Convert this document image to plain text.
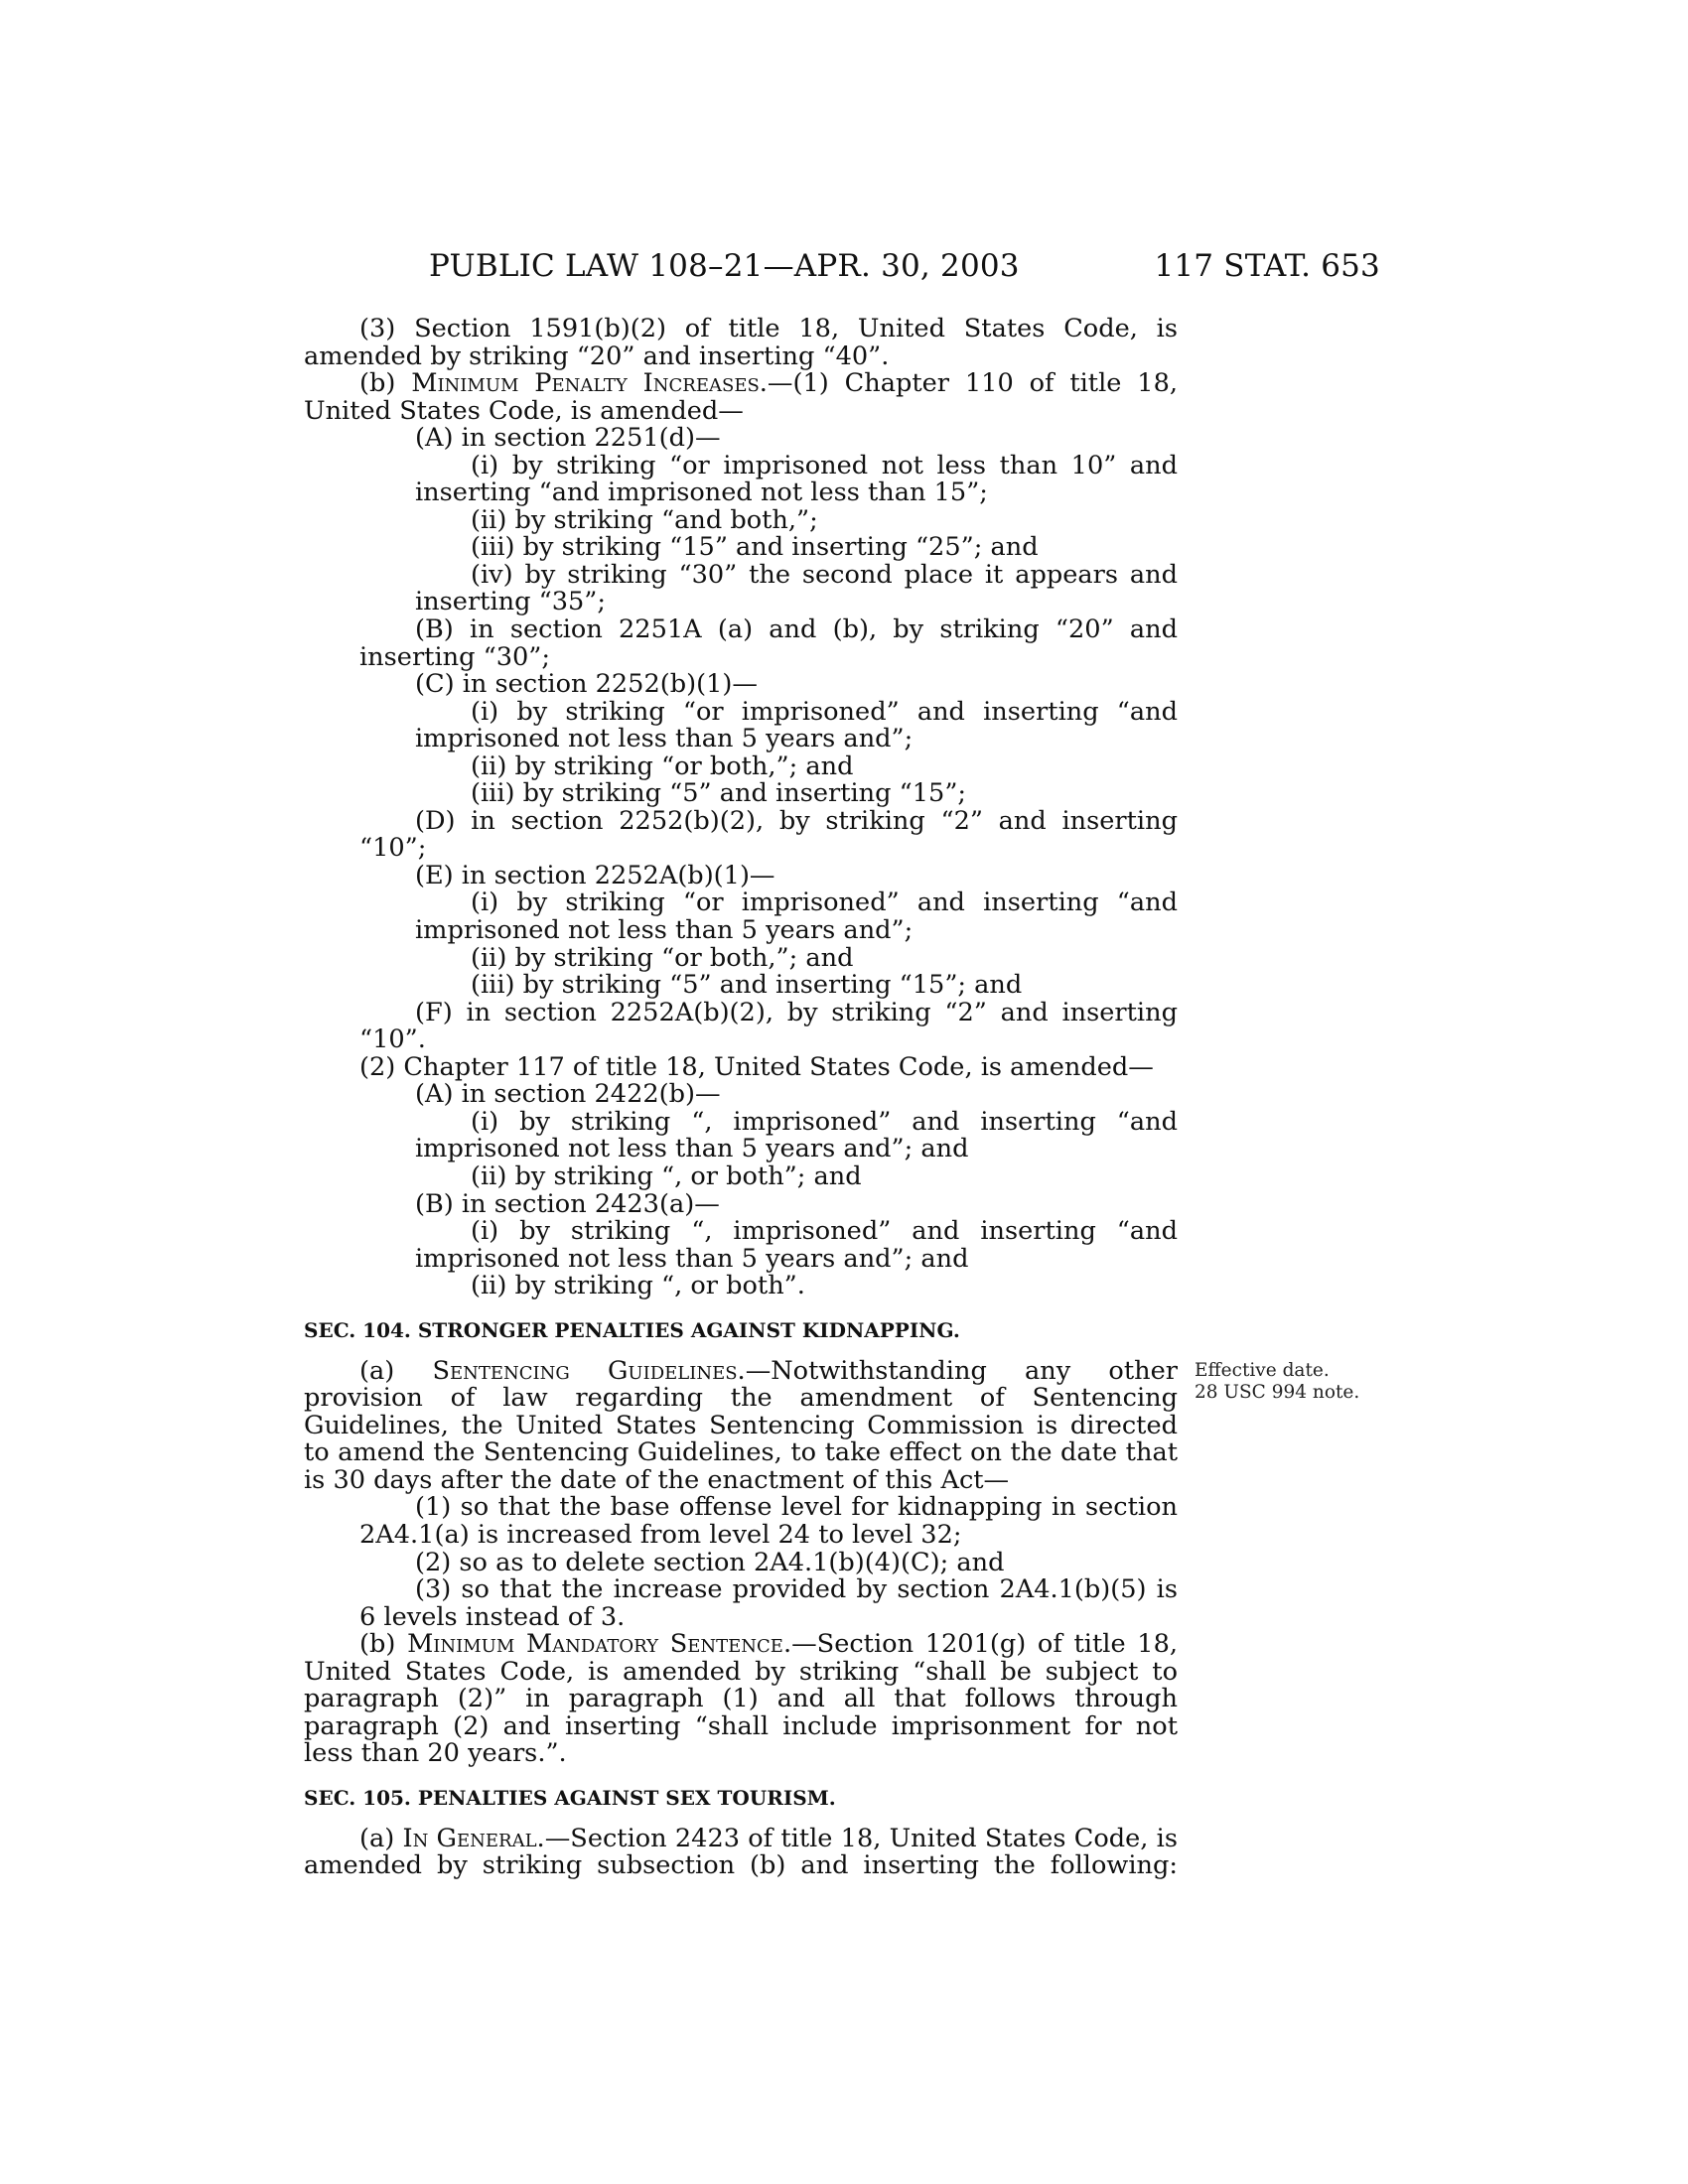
PUBLIC LAW 108–21—APR. 30, 2003	117 STAT. 653
Effective date.
28 USC 994 note.

(3) Section 1591(b)(2) of title 18, United States Code, is amended by striking “20” and inserting “40”.

(b) Minimum Penalty Increases.—(1) Chapter 110 of title 18, United States Code, is amended—

(A) in section 2251(d)—

(i) by striking “or imprisoned not less than 10” and inserting “and imprisoned not less than 15”;

(ii) by striking “and both,”;

(iii) by striking “15” and inserting “25”; and

(iv) by striking “30” the second place it appears and inserting “35”;

(B) in section 2251A (a) and (b), by striking “20” and inserting “30”;

(C) in section 2252(b)(1)—

(i) by striking “or imprisoned” and inserting “and imprisoned not less than 5 years and”;

(ii) by striking “or both,”; and

(iii) by striking “5” and inserting “15”;

(D) in section 2252(b)(2), by striking “2” and inserting “10”;

(E) in section 2252A(b)(1)—

(i) by striking “or imprisoned” and inserting “and imprisoned not less than 5 years and”;

(ii) by striking “or both,”; and

(iii) by striking “5” and inserting “15”; and

(F) in section 2252A(b)(2), by striking “2” and inserting “10”.

(2) Chapter 117 of title 18, United States Code, is amended—

(A) in section 2422(b)—

(i) by striking “, imprisoned” and inserting “and imprisoned not less than 5 years and”; and

(ii) by striking “, or both”; and

(B) in section 2423(a)—

(i) by striking “, imprisoned” and inserting “and imprisoned not less than 5 years and”; and

(ii) by striking “, or both”.

SEC. 104. STRONGER PENALTIES AGAINST KIDNAPPING.

(a) Sentencing Guidelines.—Notwithstanding any other provision of law regarding the amendment of Sentencing Guidelines, the United States Sentencing Commission is directed to amend the Sentencing Guidelines, to take effect on the date that is 30 days after the date of the enactment of this Act—

(1) so that the base offense level for kidnapping in section 2A4.1(a) is increased from level 24 to level 32;

(2) so as to delete section 2A4.1(b)(4)(C); and

(3) so that the increase provided by section 2A4.1(b)(5) is 6 levels instead of 3.

(b) Minimum Mandatory Sentence.—Section 1201(g) of title 18, United States Code, is amended by striking “shall be subject to paragraph (2)” in paragraph (1) and all that follows through paragraph (2) and inserting “shall include imprisonment for not less than 20 years.”.

SEC. 105. PENALTIES AGAINST SEX TOURISM.

(a) In General.—Section 2423 of title 18, United States Code, is amended by striking subsection (b) and inserting the following:
